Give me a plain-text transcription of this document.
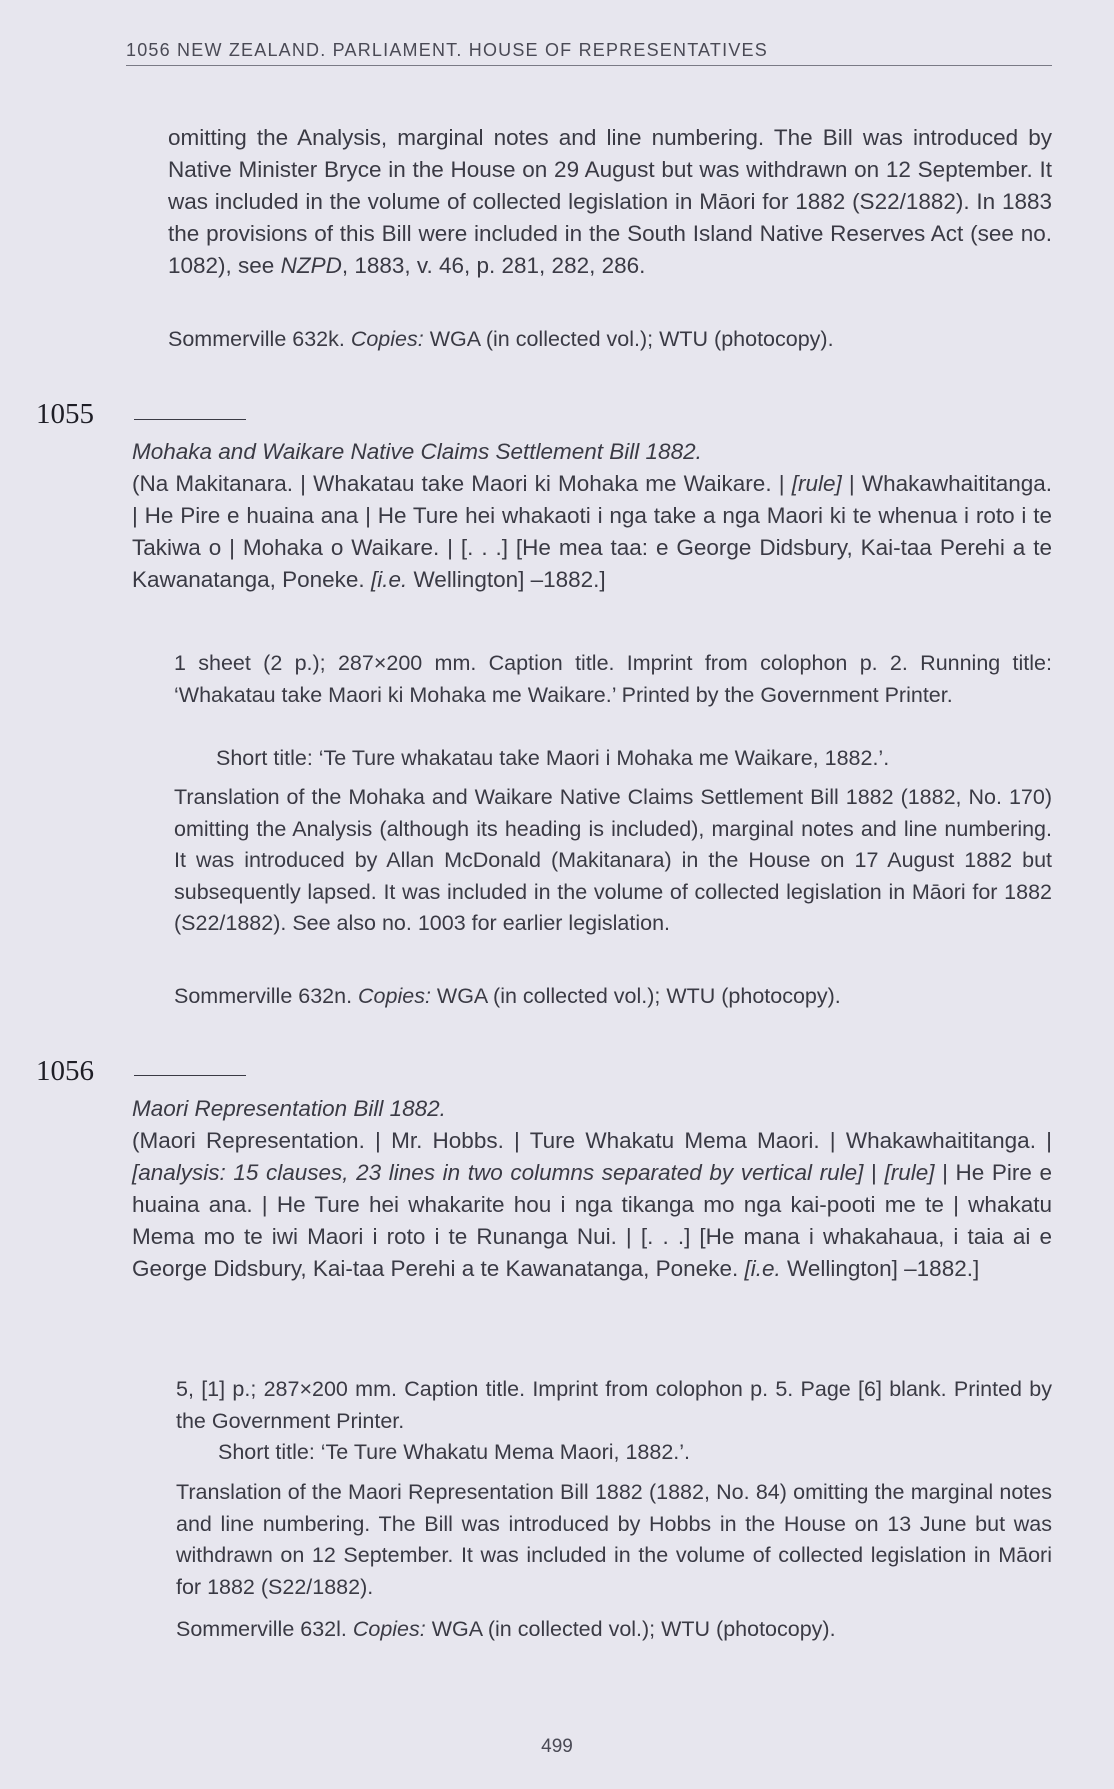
1056 NEW ZEALAND. PARLIAMENT. HOUSE OF REPRESENTATIVES

omitting the Analysis, marginal notes and line numbering. The Bill was introduced by Native Minister Bryce in the House on 29 August but was withdrawn on 12 September. It was included in the volume of collected legislation in Māori for 1882 (S22/1882). In 1883 the provisions of this Bill were included in the South Island Native Reserves Act (see no. 1082), see NZPD, 1883, v. 46, p. 281, 282, 286.

Sommerville 632k. Copies: WGA (in collected vol.); WTU (photocopy).

1055

Mohaka and Waikare Native Claims Settlement Bill 1882.
(Na Makitanara. | Whakatau take Maori ki Mohaka me Waikare. | [rule] | Whakawhaititanga. | He Pire e huaina ana | He Ture hei whakaoti i nga take a nga Maori ki te whenua i roto i te Takiwa o | Mohaka o Waikare. | [. . .] [He mea taa: e George Didsbury, Kai-taa Perehi a te Kawanatanga, Poneke. [i.e. Wellington] –1882.]

1 sheet (2 p.); 287×200 mm. Caption title. Imprint from colophon p. 2. Running title: ‘Whakatau take Maori ki Mohaka me Waikare.’ Printed by the Government Printer.

Short title: ‘Te Ture whakatau take Maori i Mohaka me Waikare, 1882.’.

Translation of the Mohaka and Waikare Native Claims Settlement Bill 1882 (1882, No. 170) omitting the Analysis (although its heading is included), marginal notes and line numbering. It was introduced by Allan McDonald (Makitanara) in the House on 17 August 1882 but subsequently lapsed. It was included in the volume of collected legislation in Māori for 1882 (S22/1882). See also no. 1003 for earlier legislation.

Sommerville 632n. Copies: WGA (in collected vol.); WTU (photocopy).

1056

Maori Representation Bill 1882.
(Maori Representation. | Mr. Hobbs. | Ture Whakatu Mema Maori. | Whakawhaititanga. | [analysis: 15 clauses, 23 lines in two columns separated by vertical rule] | [rule] | He Pire e huaina ana. | He Ture hei whakarite hou i nga tikanga mo nga kai-pooti me te | whakatu Mema mo te iwi Maori i roto i te Runanga Nui. | [. . .] [He mana i whakahaua, i taia ai e George Didsbury, Kai-taa Perehi a te Kawanatanga, Poneke. [i.e. Wellington] –1882.]

5, [1] p.; 287×200 mm. Caption title. Imprint from colophon p. 5. Page [6] blank. Printed by the Government Printer.

Short title: ‘Te Ture Whakatu Mema Maori, 1882.’.

Translation of the Maori Representation Bill 1882 (1882, No. 84) omitting the marginal notes and line numbering. The Bill was introduced by Hobbs in the House on 13 June but was withdrawn on 12 September. It was included in the volume of collected legislation in Māori for 1882 (S22/1882).

Sommerville 632l. Copies: WGA (in collected vol.); WTU (photocopy).

499
